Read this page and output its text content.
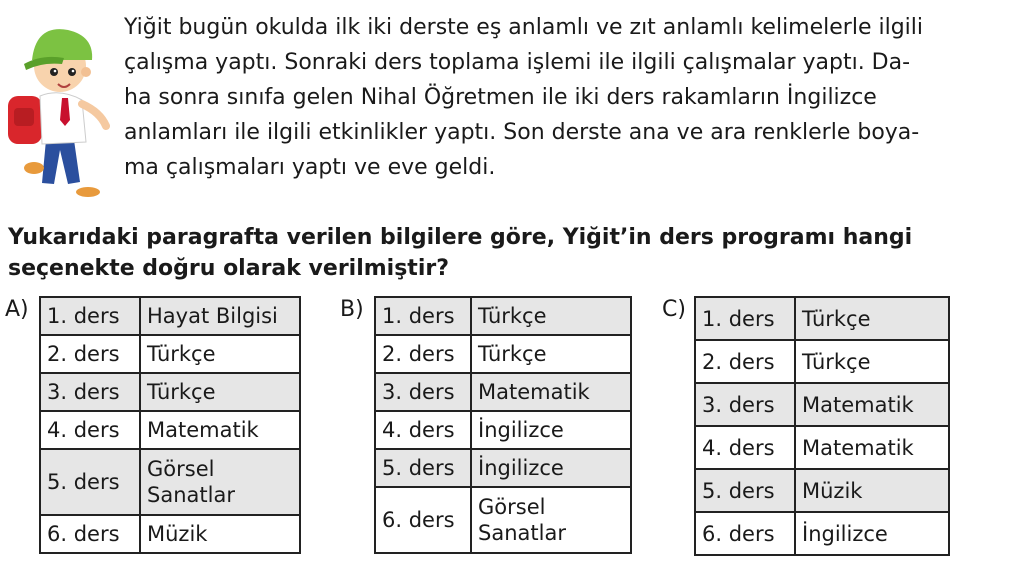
Yiğit bugün okulda ilk iki derste eş anlamlı ve zıt anlamlı kelimelerle ilgili
çalışma yaptı. Sonraki ders toplama işlemi ile ilgili çalışmalar yaptı. Da-
ha sonra sınıfa gelen Nihal Öğretmen ile iki ders rakamların İngilizce
anlamları ile ilgili etkinlikler yaptı. Son derste ana ve ara renklerle boya-
ma çalışmaları yaptı ve eve geldi.
Yukarıdaki paragrafta verilen bilgilere göre, Yiğit’in ders programı hangi
seçenekte doğru olarak verilmiştir?
A) 1. ders	Hayat Bilgisi
2. ders	Türkçe
3. ders	Türkçe
4. ders	Matematik
5. ders	Görsel
Sanatlar

6. ders	Müzik
B) 1. ders	Türkçe
2. ders	Türkçe
3. ders	Matematik
4. ders	İngilizce
5. ders	İngilizce
6. ders	Görsel
Sanatlar
C) 1. ders	Türkçe
2. ders	Türkçe
3. ders	Matematik
4. ders	Matematik
5. ders	Müzik
6. ders	İngilizce
